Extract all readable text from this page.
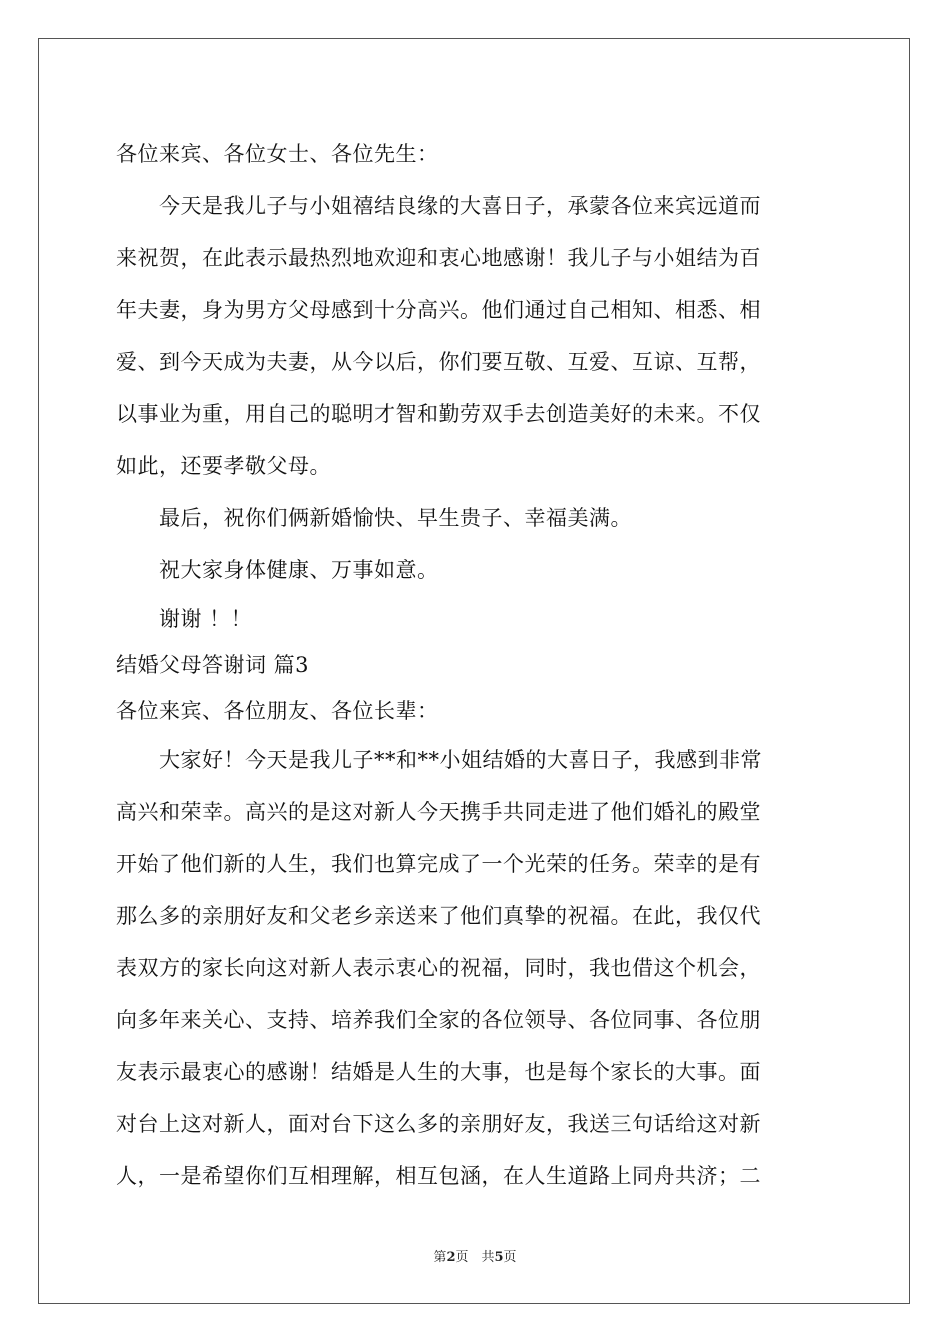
各位来宾、各位女士、各位先生：
　　今天是我儿子与小姐禧结良缘的大喜日子，承蒙各位来宾远道而
来祝贺，在此表示最热烈地欢迎和衷心地感谢！我儿子与小姐结为百
年夫妻，身为男方父母感到十分高兴。他们通过自己相知、相悉、相
爱、到今天成为夫妻，从今以后，你们要互敬、互爱、互谅、互帮，
以事业为重，用自己的聪明才智和勤劳双手去创造美好的未来。不仅
如此，还要孝敬父母。
　　最后，祝你们俩新婚愉快、早生贵子、幸福美满。
　　祝大家身体健康、万事如意。
　　谢谢 ！！
结婚父母答谢词 篇3
各位来宾、各位朋友、各位长辈：
　　大家好！今天是我儿子**和**小姐结婚的大喜日子，我感到非常
高兴和荣幸。高兴的是这对新人今天携手共同走进了他们婚礼的殿堂
开始了他们新的人生，我们也算完成了一个光荣的任务。荣幸的是有
那么多的亲朋好友和父老乡亲送来了他们真挚的祝福。在此，我仅代
表双方的家长向这对新人表示衷心的祝福，同时，我也借这个机会，
向多年来关心、支持、培养我们全家的各位领导、各位同事、各位朋
友表示最衷心的感谢！结婚是人生的大事，也是每个家长的大事。面
对台上这对新人，面对台下这么多的亲朋好友，我送三句话给这对新
人，一是希望你们互相理解，相互包涵，在人生道路上同舟共济；二
第2页　共5页
